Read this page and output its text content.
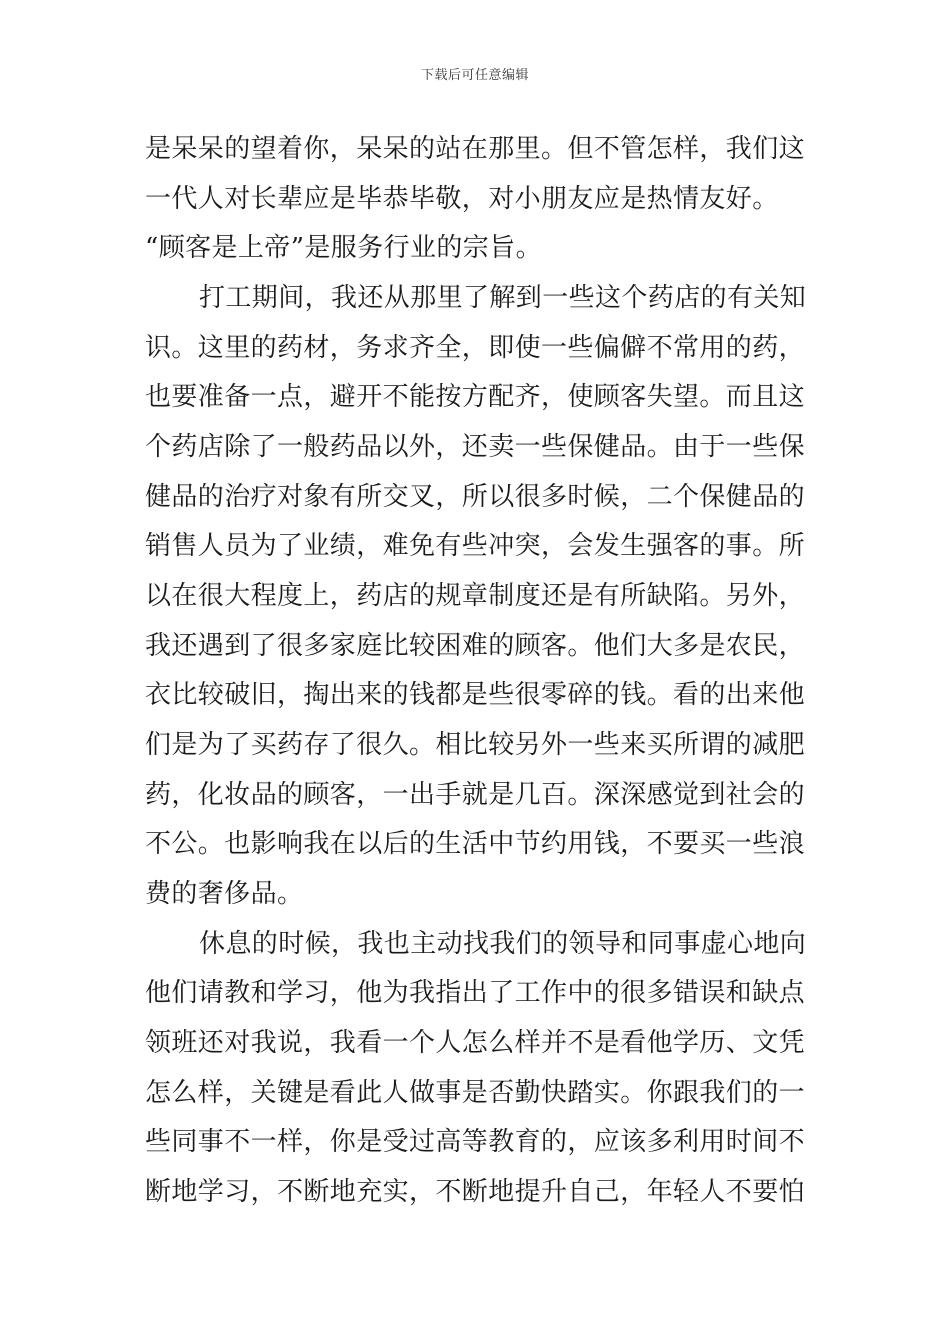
下载后可任意编辑
是呆呆的望着你，呆呆的站在那里。但不管怎样，我们这
一代人对长辈应是毕恭毕敬，对小朋友应是热情友好。
“顾客是上帝”是服务行业的宗旨。
打工期间，我还从那里了解到一些这个药店的有关知
识。这里的药材，务求齐全，即使一些偏僻不常用的药，
也要准备一点，避开不能按方配齐，使顾客失望。而且这
个药店除了一般药品以外，还卖一些保健品。由于一些保
健品的治疗对象有所交叉，所以很多时候，二个保健品的
销售人员为了业绩，难免有些冲突，会发生强客的事。所
以在很大程度上，药店的规章制度还是有所缺陷。另外，
我还遇到了很多家庭比较困难的顾客。他们大多是农民，
衣比较破旧，掏出来的钱都是些很零碎的钱。看的出来他
们是为了买药存了很久。相比较另外一些来买所谓的减肥
药，化妆品的顾客，一出手就是几百。深深感觉到社会的
不公。也影响我在以后的生活中节约用钱，不要买一些浪
费的奢侈品。
休息的时候，我也主动找我们的领导和同事虚心地向
他们请教和学习，他为我指出了工作中的很多错误和缺点
领班还对我说，我看一个人怎么样并不是看他学历、文凭
怎么样，关键是看此人做事是否勤快踏实。你跟我们的一
些同事不一样，你是受过高等教育的，应该多利用时间不
断地学习，不断地充实，不断地提升自己，年轻人不要怕
